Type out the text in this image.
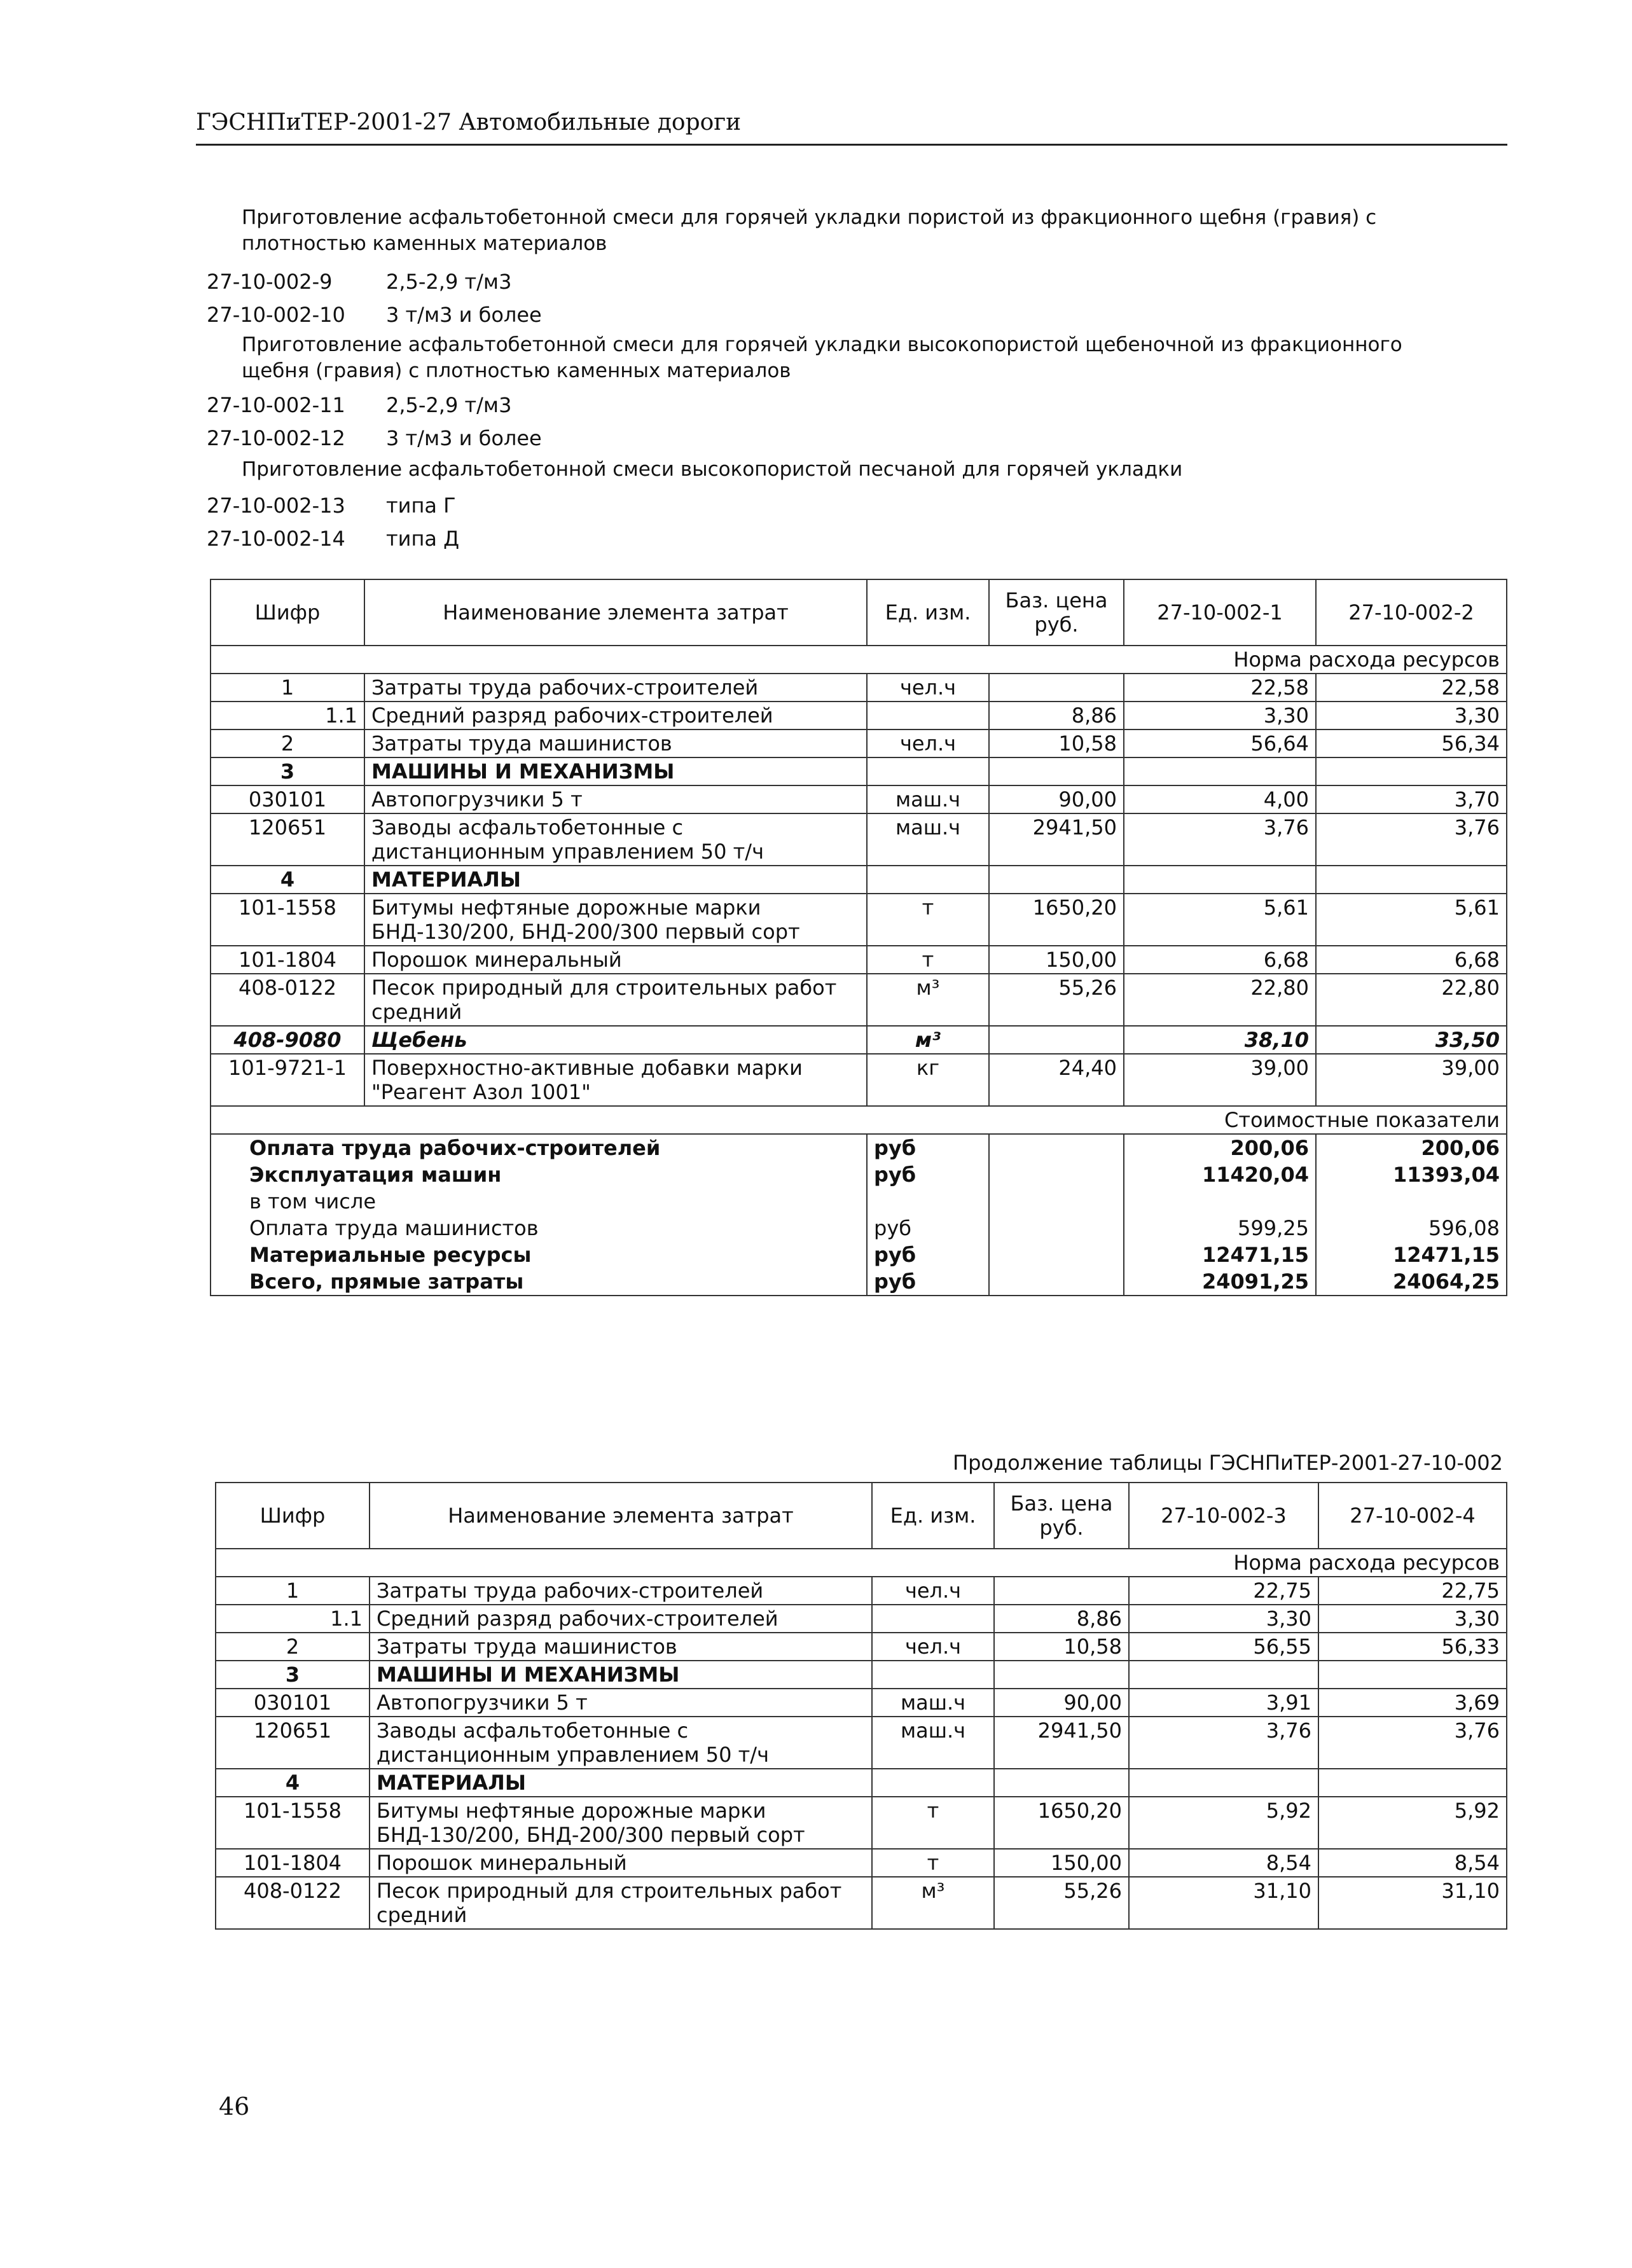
ГЭСНПиТЕР-2001-27 Автомобильные дороги
Приготовление асфальтобетонной смеси для горячей укладки пористой из фракционного щебня (гравия) с плотностью каменных материалов
27-10-002-9	2,5-2,9 т/м3
27-10-002-10 3 т/м3 и более
Приготовление асфальтобетонной смеси для горячей укладки высокопористой щебеночной из фракционного щебня (гравия) с плотностью каменных материалов
27-10-002-11 2,5-2,9 т/м3
27-10-002-12 3 т/м3 и более
Приготовление асфальтобетонной смеси высокопористой песчаной для горячей укладки
27-10-002-13 типа Г
27-10-002-14 типа Д
Шифр	Наименование элемента затрат	Ед. изм.	Баз. цена руб.	27-10-002-1	27-10-002-2
Норма расхода ресурсов					
1	Затраты труда рабочих-строителей	чел.ч		22,58	22,58
1.1	Средний разряд рабочих-строителей		8,86	3,30	3,30
2	Затраты труда машинистов	чел.ч	10,58	56,64	56,34
3	МАШИНЫ И МЕХАНИЗМЫ				
030101	Автопогрузчики 5 т	маш.ч	90,00	4,00	3,70
120651	Заводы асфальтобетонные с дистанционным управлением 50 т/ч	маш.ч	2941,50	3,76	3,76
4	МАТЕРИАЛЫ				
101-1558	Битумы нефтяные дорожные марки БНД-130/200, БНД-200/300 первый сорт	т	1650,20	5,61	5,61
101-1804	Порошок минеральный	т	150,00	6,68	6,68
408-0122	Песок природный для строительных работ средний	м³	55,26	22,80	22,80
408-9080	Щебень	м³		38,10	33,50
101-9721-1	Поверхностно-активные добавки марки "Реагент Азол 1001"	кг	24,40	39,00	39,00
Стоимостные показатели					
Оплата труда рабочих-строителей		руб		200,06	200,06
Эксплуатация машин		руб		11420,04	11393,04
в том числе					
Оплата труда машинистов		руб		599,25	596,08
Материальные ресурсы		руб		12471,15	12471,15
Всего, прямые затраты		руб		24091,25	24064,25
Продолжение таблицы ГЭСНПиТЕР-2001-27-10-002
Шифр	Наименование элемента затрат	Ед. изм.	Баз. цена руб.	27-10-002-3	27-10-002-4
Норма расхода ресурсов					
1	Затраты труда рабочих-строителей	чел.ч		22,75	22,75
1.1	Средний разряд рабочих-строителей		8,86	3,30	3,30
2	Затраты труда машинистов	чел.ч	10,58	56,55	56,33
3	МАШИНЫ И МЕХАНИЗМЫ				
030101	Автопогрузчики 5 т	маш.ч	90,00	3,91	3,69
120651	Заводы асфальтобетонные с дистанционным управлением 50 т/ч	маш.ч	2941,50	3,76	3,76
4	МАТЕРИАЛЫ				
101-1558	Битумы нефтяные дорожные марки БНД-130/200, БНД-200/300 первый сорт	т	1650,20	5,92	5,92
101-1804	Порошок минеральный	т	150,00	8,54	8,54
408-0122	Песок природный для строительных работ средний	м³	55,26	31,10	31,10
46
